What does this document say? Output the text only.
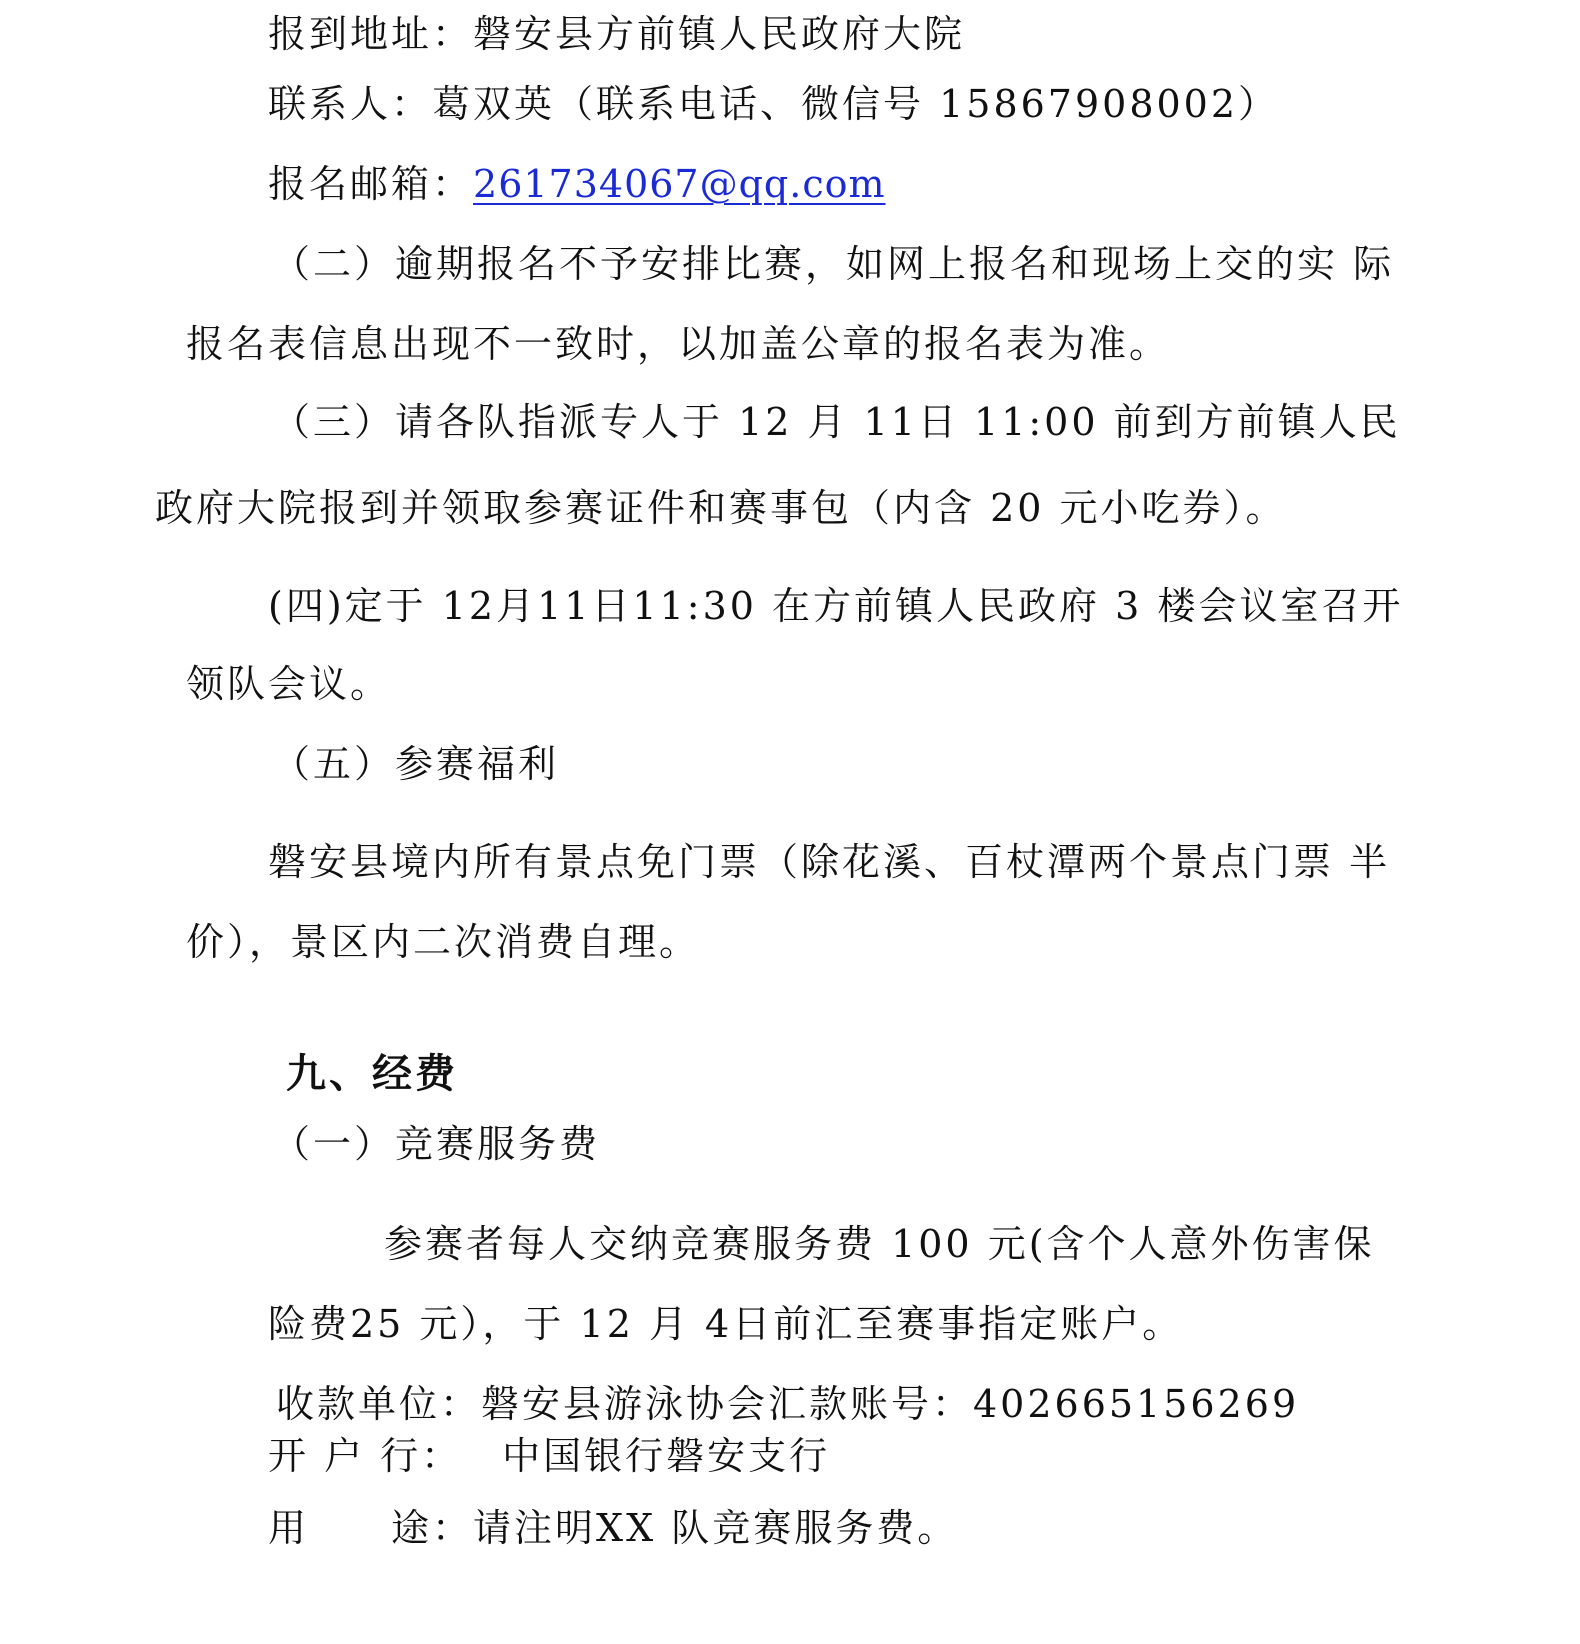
报到地址：磐安县方前镇人民政府大院

联系人：葛双英（联系电话、微信号 15867908002）

报名邮箱：261734067@qq.com

（二）逾期报名不予安排比赛，如网上报名和现场上交的实 际

报名表信息出现不一致时，以加盖公章的报名表为准。

（三）请各队指派专人于 12 月 11日 11:00 前到方前镇人民

政府大院报到并领取参赛证件和赛事包（内含 20 元小吃券）。

(四)定于 12月11日11:30 在方前镇人民政府 3 楼会议室召开

领队会议。

（五）参赛福利

磐安县境内所有景点免门票（除花溪、百杖潭两个景点门票 半

价），景区内二次消费自理。

九、经费

（一）竞赛服务费

参赛者每人交纳竞赛服务费 100 元(含个人意外伤害保

险费25 元），于 12 月 4日前汇至赛事指定账户。

收款单位：磐安县游泳协会汇款账号：402665156269

开 户 行： 中国银行磐安支行

用　　途：请注明XX 队竞赛服务费。
